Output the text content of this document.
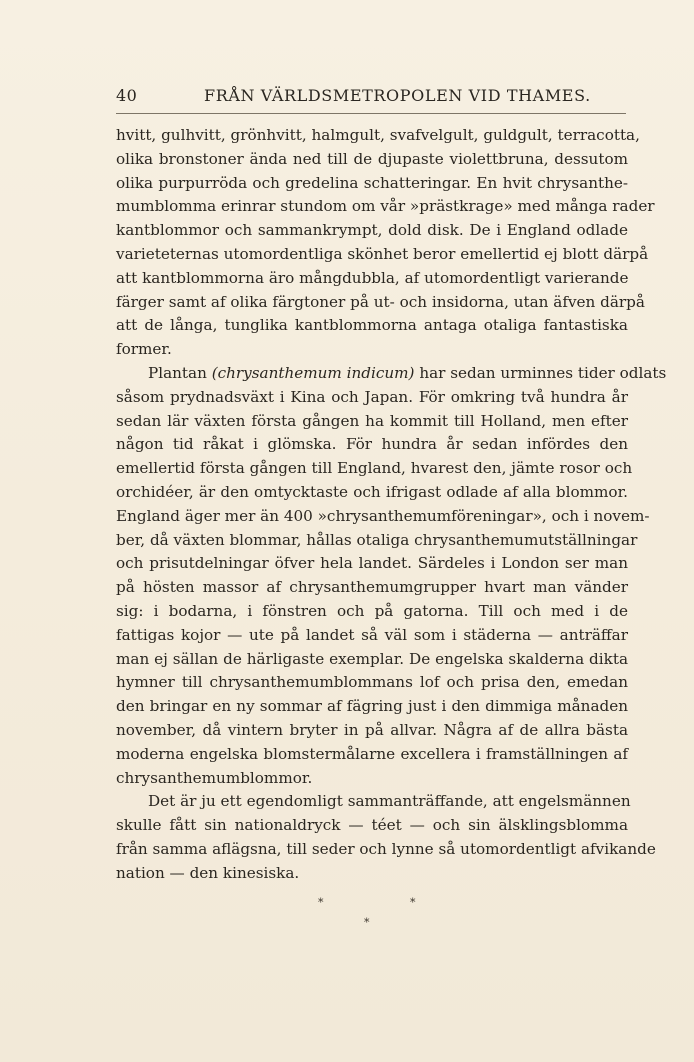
40	FRÅN VÄRLDSMETROPOLEN VID THAMES.
hvitt, gulhvitt, grönhvitt, halmgult, svafvelgult, guldgult, terracotta,
olika bronstoner ända ned till de djupaste violettbruna, dessutom
olika purpurröda och gredelina schatteringar. En hvit chrysanthe-
mumblomma erinrar stundom om vår »prästkrage» med många rader
kantblommor och sammankrympt, dold disk. De i England odlade
varieteternas utomordentliga skönhet beror emellertid ej blott därpå
att kantblommorna äro mångdubbla, af utomordentligt varierande
färger samt af olika färgtoner på ut- och insidorna, utan äfven därpå
att de långa, tunglika kantblommorna antaga otaliga fantastiska
former.
Plantan (chrysanthemum indicum) har sedan urminnes tider odlats
såsom prydnadsväxt i Kina och Japan. För omkring två hundra år
sedan lär växten första gången ha kommit till Holland, men efter
någon tid råkat i glömska. För hundra år sedan infördes den
emellertid första gången till England, hvarest den, jämte rosor och
orchidéer, är den omtycktaste och ifrigast odlade af alla blommor.
England äger mer än 400 »chrysanthemumföreningar», och i novem-
ber, då växten blommar, hållas otaliga chrysanthemumutställningar
och prisutdelningar öfver hela landet. Särdeles i London ser man
på hösten massor af chrysanthemumgrupper hvart man vänder
sig: i bodarna, i fönstren och på gatorna. Till och med i de
fattigas kojor — ute på landet så väl som i städerna — anträffar
man ej sällan de härligaste exemplar. De engelska skalderna dikta
hymner till chrysanthemumblommans lof och prisa den, emedan
den bringar en ny sommar af fägring just i den dimmiga månaden
november, då vintern bryter in på allvar. Några af de allra bästa
moderna engelska blomstermålarne excellera i framställningen af
chrysanthemumblommor.
Det är ju ett egendomligt sammanträffande, att engelsmännen
skulle fått sin nationaldryck — téet — och sin älsklingsblomma
från samma aflägsna, till seder och lynne så utomordentligt afvikande
nation — den kinesiska.
*	*
*
